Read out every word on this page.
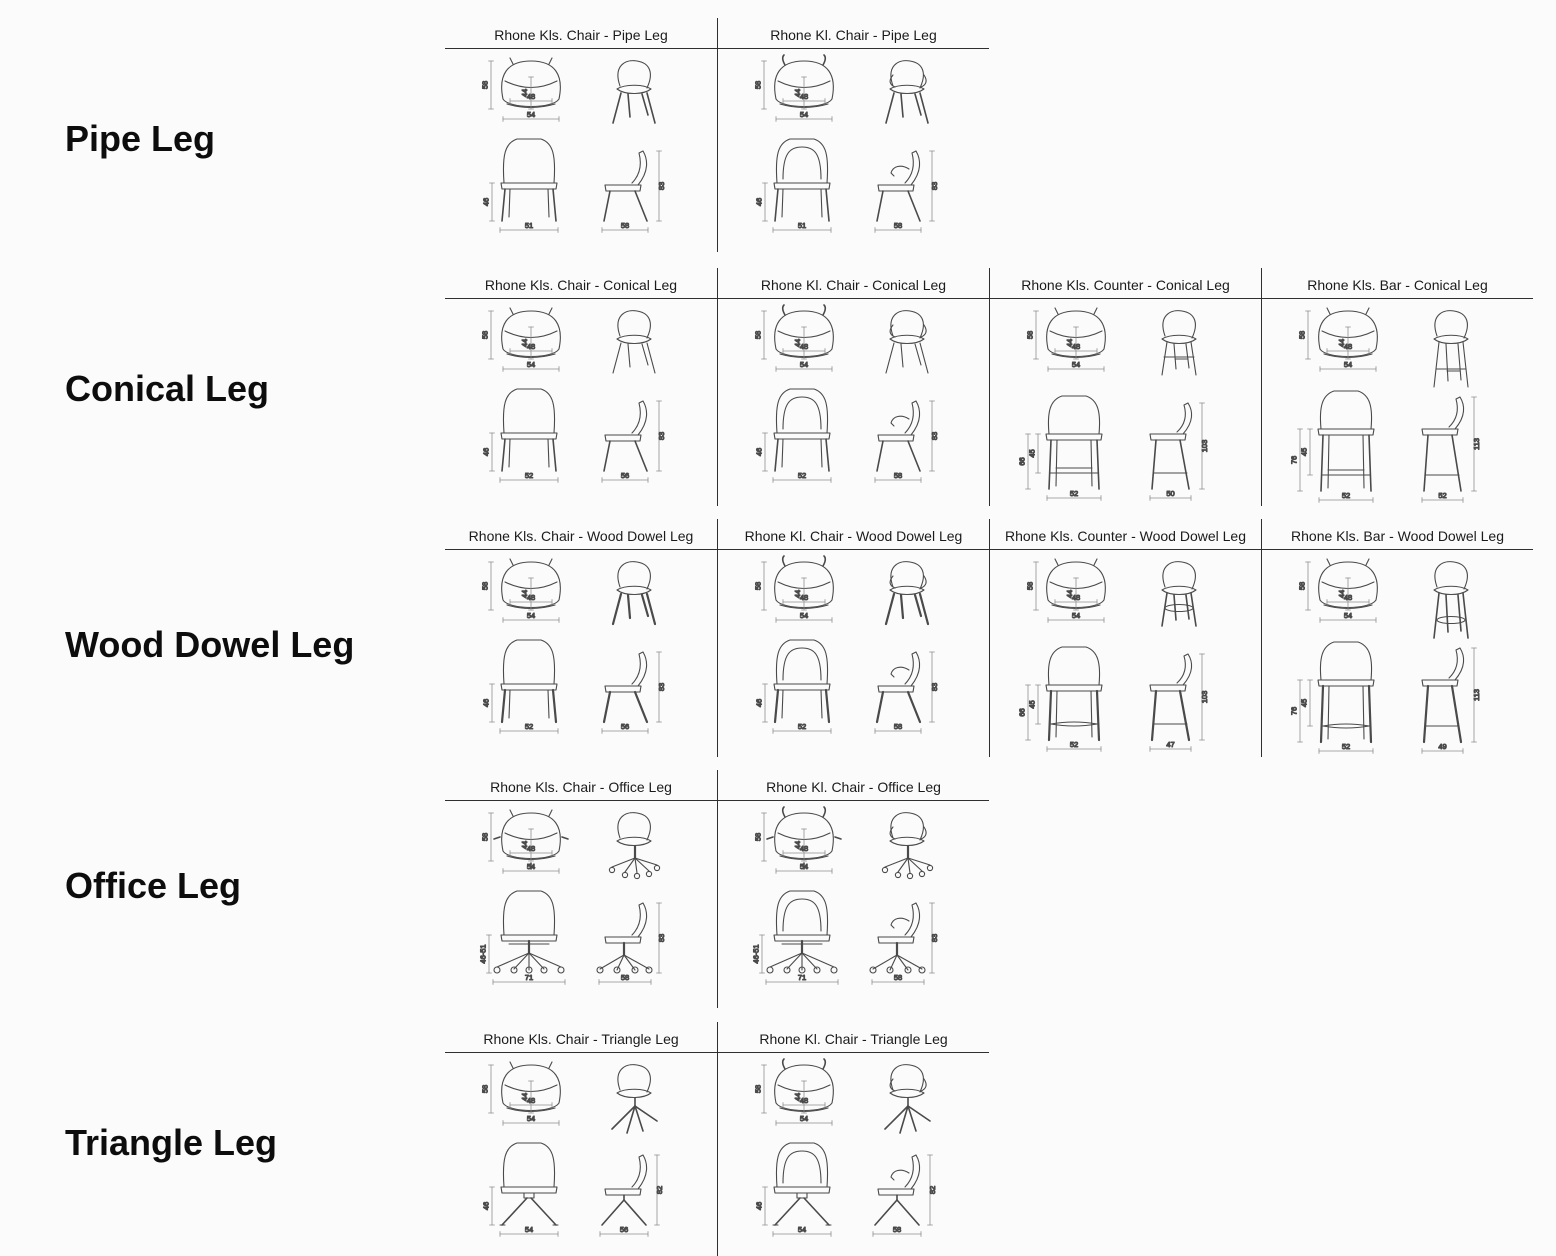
Pipe Leg
Rhone Kls. Chair - Pipe Leg
58
44
48
54
46
51
83
58
Rhone Kl. Chair - Pipe Leg
58
44
48
54
46
51
83
58
Conical Leg
Rhone Kls. Chair - Conical Leg
58
44
48
54
46
52
83
56
Rhone Kl. Chair - Conical Leg
58
44
48
54
46
52
83
58
Rhone Kls. Counter - Conical Leg
58
44
48
54
66
45
52
103
50
Rhone Kls. Bar - Conical Leg
58
44
48
54
76
45
52
113
52
Wood Dowel Leg
Rhone Kls. Chair - Wood Dowel Leg
58
44
48
54
46
52
83
56
Rhone Kl. Chair - Wood Dowel Leg
58
44
48
54
46
52
83
58
Rhone Kls. Counter - Wood Dowel Leg
58
44
48
54
66
45
52
103
47
Rhone Kls. Bar - Wood Dowel Leg
58
44
48
54
76
45
52
113
49
Office Leg
Rhone Kls. Chair - Office Leg
58
44
48
54
46-51
71
83
58
Rhone Kl. Chair - Office Leg
58
44
48
54
46-51
71
83
58
Triangle Leg
Rhone Kls. Chair - Triangle Leg
58
44
48
54
46
54
82
56
Rhone Kl. Chair - Triangle Leg
58
44
48
54
46
54
82
58
